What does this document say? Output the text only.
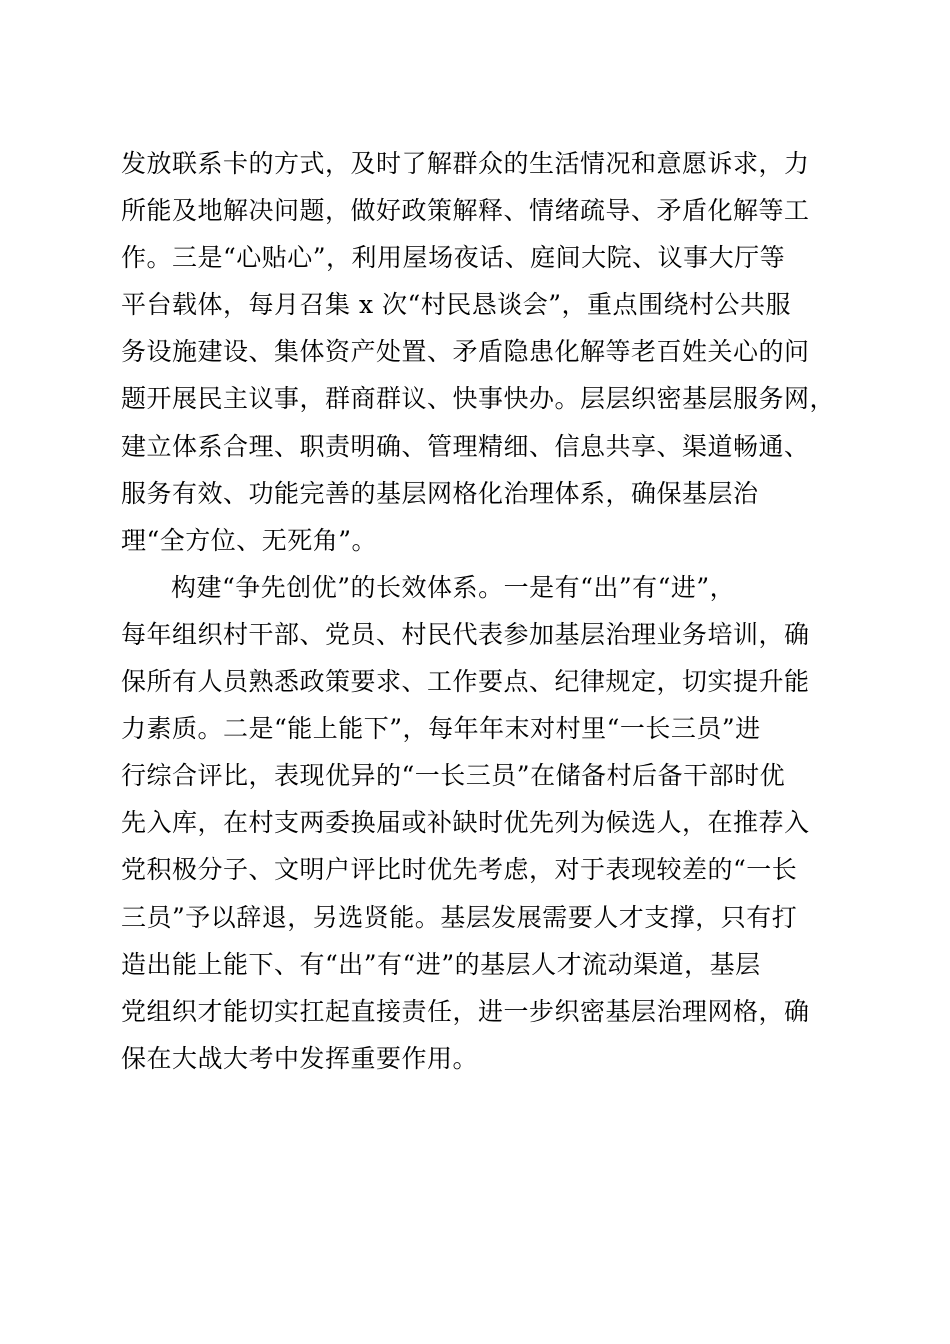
发放联系卡的方式，及时了解群众的生活情况和意愿诉求，力
所能及地解决问题，做好政策解释、情绪疏导、矛盾化解等工
作。三是“心贴心”，利用屋场夜话、庭间大院、议事大厅等
平台载体，每月召集 x 次“村民恳谈会”，重点围绕村公共服
务设施建设、集体资产处置、矛盾隐患化解等老百姓关心的问
题开展民主议事，群商群议、快事快办。层层织密基层服务网，
建立体系合理、职责明确、管理精细、信息共享、渠道畅通、
服务有效、功能完善的基层网格化治理体系，确保基层治
理“全方位、无死角”。
构建“争先创优”的长效体系。一是有“出”有“进”，
每年组织村干部、党员、村民代表参加基层治理业务培训，确
保所有人员熟悉政策要求、工作要点、纪律规定，切实提升能
力素质。二是“能上能下”，每年年末对村里“一长三员”进
行综合评比，表现优异的“一长三员”在储备村后备干部时优
先入库，在村支两委换届或补缺时优先列为候选人，在推荐入
党积极分子、文明户评比时优先考虑，对于表现较差的“一长
三员”予以辞退，另选贤能。基层发展需要人才支撑，只有打
造出能上能下、有“出”有“进”的基层人才流动渠道，基层
党组织才能切实扛起直接责任，进一步织密基层治理网格，确
保在大战大考中发挥重要作用。
